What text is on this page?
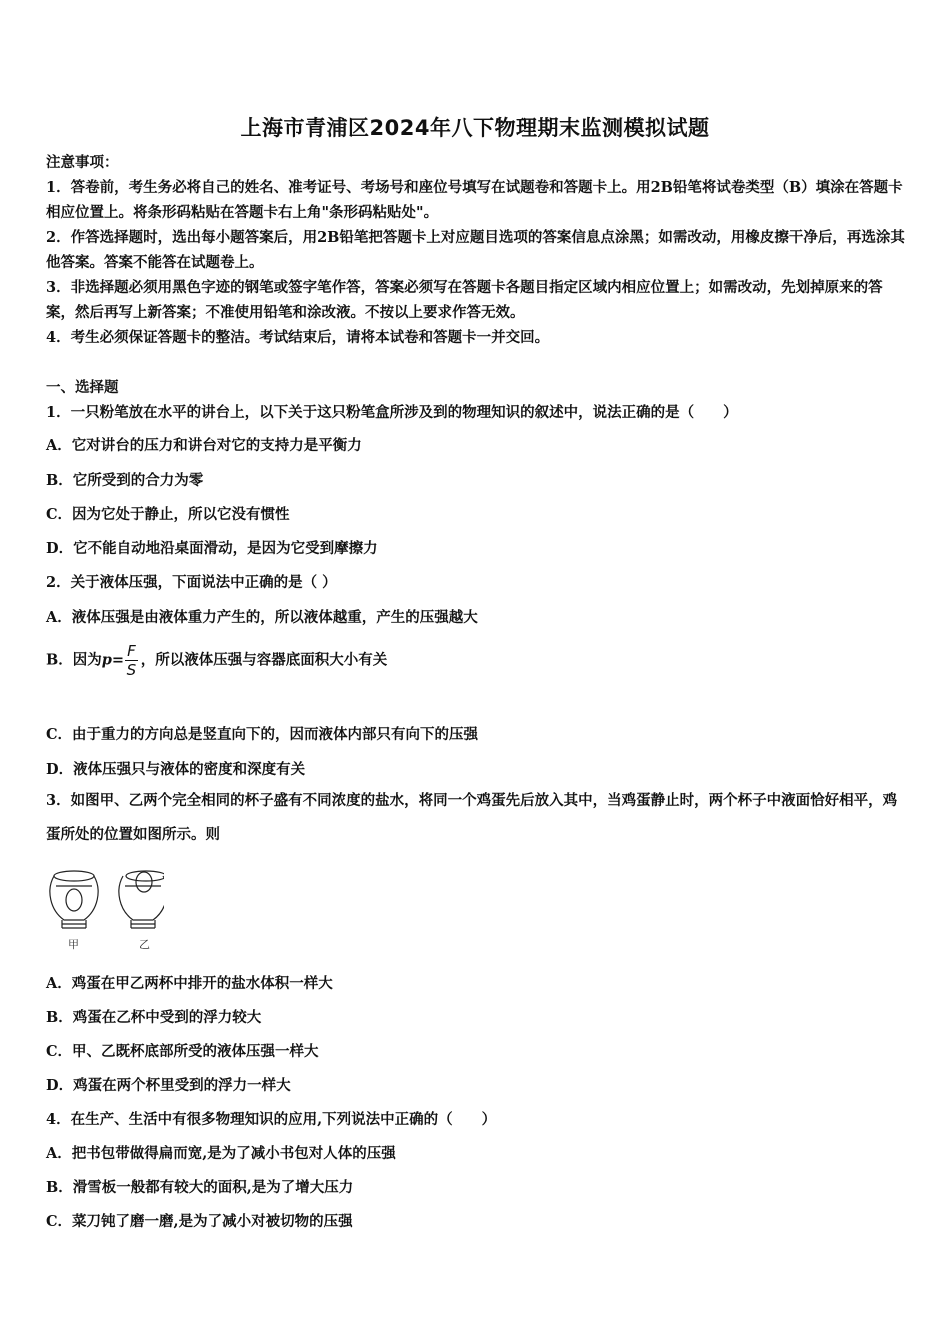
上海市青浦区2024年八下物理期末监测模拟试题

注意事项：

1．答卷前，考生务必将自己的姓名、准考证号、考场号和座位号填写在试题卷和答题卡上。用2B铅笔将试卷类型（B）填涂在答题卡相应位置上。将条形码粘贴在答题卡右上角"条形码粘贴处"。

2．作答选择题时，选出每小题答案后，用2B铅笔把答题卡上对应题目选项的答案信息点涂黑；如需改动，用橡皮擦干净后，再选涂其他答案。答案不能答在试题卷上。

3．非选择题必须用黑色字迹的钢笔或签字笔作答，答案必须写在答题卡各题目指定区域内相应位置上；如需改动，先划掉原来的答案，然后再写上新答案；不准使用铅笔和涂改液。不按以上要求作答无效。

4．考生必须保证答题卡的整洁。考试结束后，请将本试卷和答题卡一并交回。

一、选择题
1．一只粉笔放在水平的讲台上，以下关于这只粉笔盒所涉及到的物理知识的叙述中，说法正确的是（　　）
A．它对讲台的压力和讲台对它的支持力是平衡力
B．它所受到的合力为零
C．因为它处于静止，所以它没有惯性
D．它不能自动地沿桌面滑动，是因为它受到摩擦力
2．关于液体压强，下面说法中正确的是（ ）
A．液体压强是由液体重力产生的，所以液体越重，产生的压强越大
B．因为$p= \frac{F}{S}$ ，所以液体压强与容器底面积大小有关
C．由于重力的方向总是竖直向下的，因而液体内部只有向下的压强
D．液体压强只与液体的密度和深度有关
3．如图甲、乙两个完全相同的杯子盛有不同浓度的盐水，将同一个鸡蛋先后放入其中，当鸡蛋静止时，两个杯子中液面恰好相平，鸡蛋所处的位置如图所示。则
甲	乙
A．鸡蛋在甲乙两杯中排开的盐水体积一样大
B．鸡蛋在乙杯中受到的浮力较大
C．甲、乙既杯底部所受的液体压强一样大
D．鸡蛋在两个杯里受到的浮力一样大
4．在生产、生活中有很多物理知识的应用,下列说法中正确的（　　）
A．把书包带做得扁而宽,是为了减小书包对人体的压强
B．滑雪板一般都有较大的面积,是为了增大压力
C．菜刀钝了磨一磨,是为了减小对被切物的压强
